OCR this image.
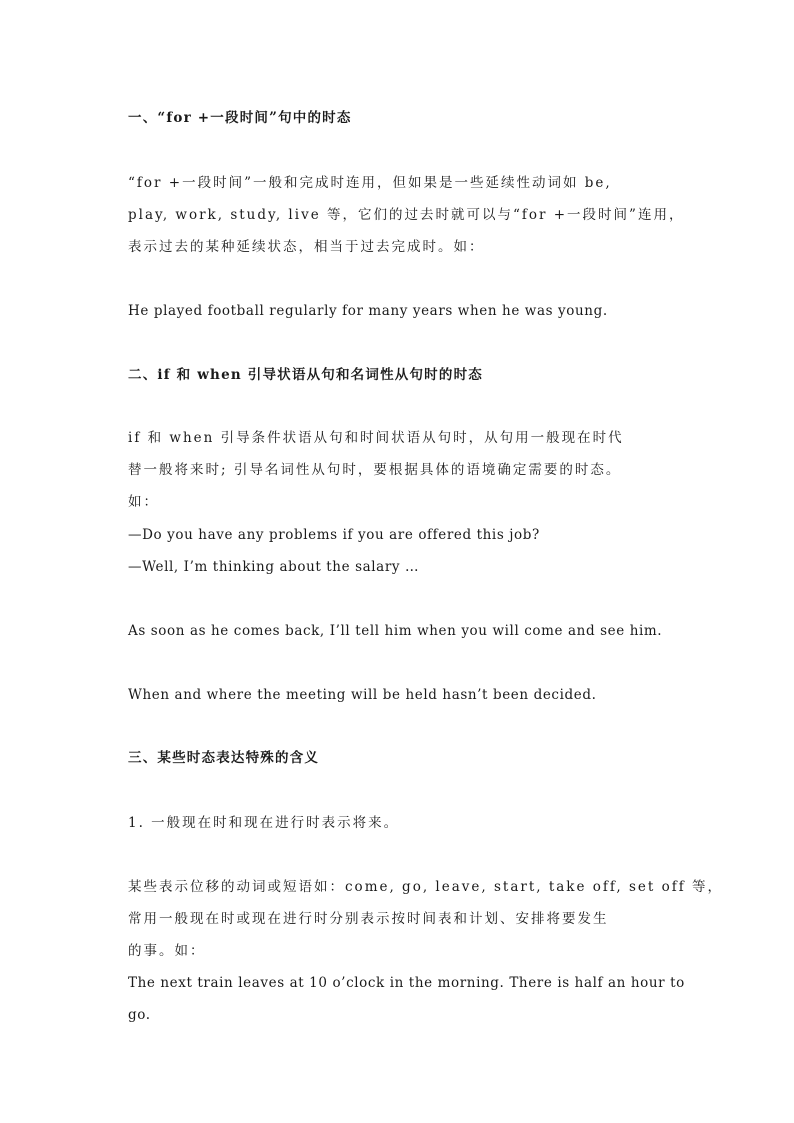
一、“for +一段时间”句中的时态
“for +一段时间”一般和完成时连用，但如果是一些延续性动词如 be,
play, work, study, live 等，它们的过去时就可以与“for +一段时间”连用，
表示过去的某种延续状态，相当于过去完成时。如：
He played football regularly for many years when he was young.
二、if 和 when 引导状语从句和名词性从句时的时态
if 和 when 引导条件状语从句和时间状语从句时，从句用一般现在时代
替一般将来时; 引导名词性从句时，要根据具体的语境确定需要的时态。
如：
—Do you have any problems if you are offered this job?
—Well, I’m thinking about the salary …
As soon as he comes back, I’ll tell him when you will come and see him.
When and where the meeting will be held hasn’t been decided.
三、某些时态表达特殊的含义
1. 一般现在时和现在进行时表示将来。
某些表示位移的动词或短语如：come, go, leave, start, take off, set off 等，
常用一般现在时或现在进行时分别表示按时间表和计划、安排将要发生
的事。如：
The next train leaves at 10 o’clock in the morning. There is half an hour to
go.
